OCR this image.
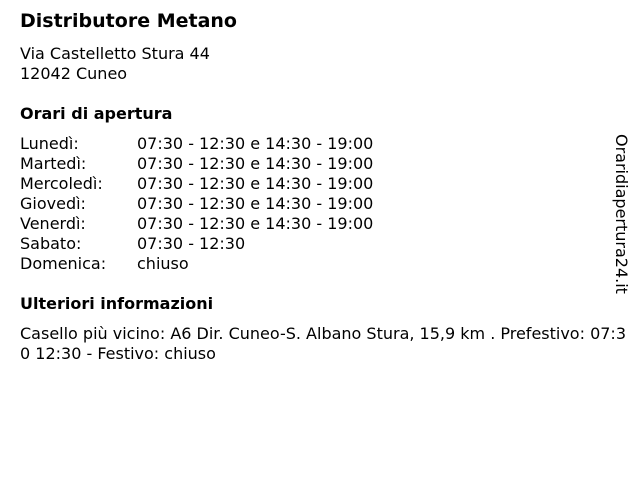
Distributore Metano
Via Castelletto Stura 44
12042 Cuneo
Orari di apertura
Lunedì:	07:30 - 12:30 e 14:30 - 19:00
Martedì:	07:30 - 12:30 e 14:30 - 19:00
Mercoledì:	07:30 - 12:30 e 14:30 - 19:00
Giovedì:	07:30 - 12:30 e 14:30 - 19:00
Venerdì:	07:30 - 12:30 e 14:30 - 19:00
Sabato:	07:30 - 12:30
Domenica:	chiuso
Ulteriori informazioni
Casello più vicino: A6 Dir. Cuneo-S. Albano Stura, 15,9 km . Prefestivo: 07:30 12:30 - Festivo: chiuso
Oraridiapertura24.it
